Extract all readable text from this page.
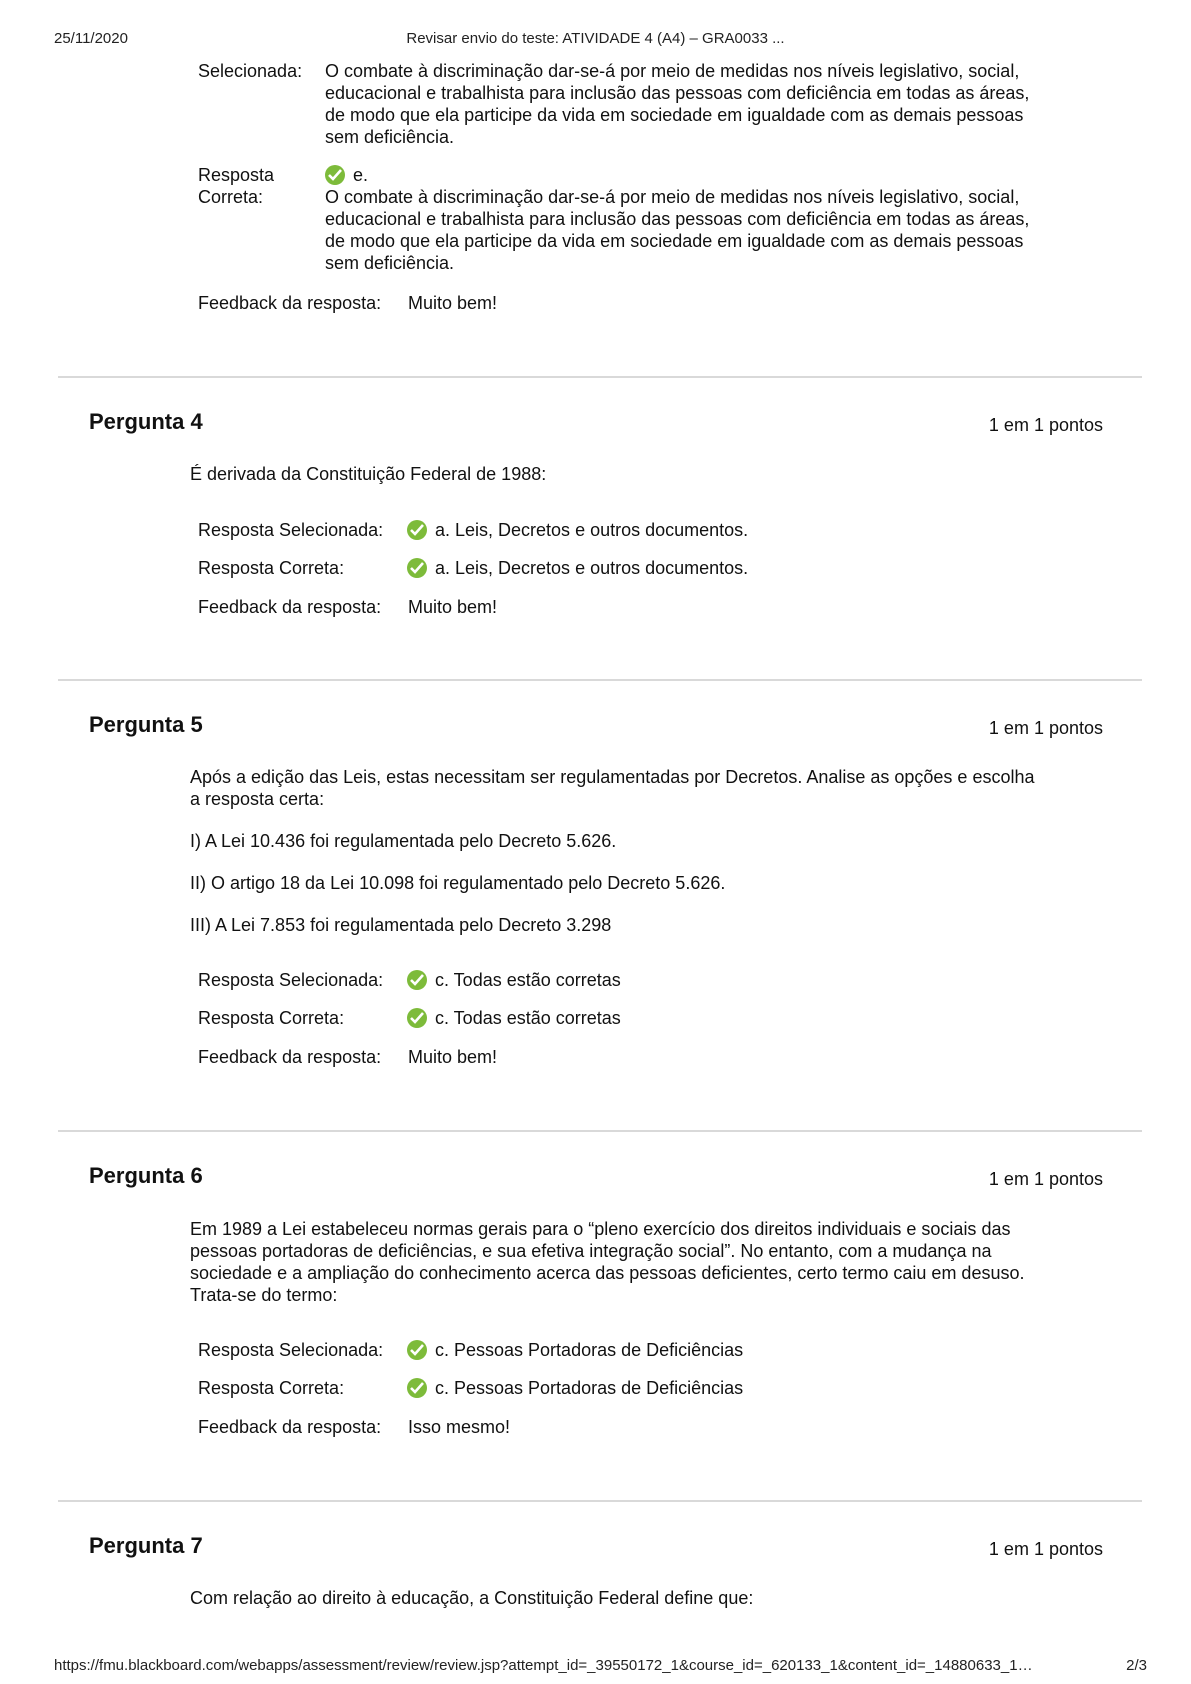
25/11/2020	Revisar envio do teste: ATIVIDADE 4 (A4) – GRA0033 ...
Selecionada: O combate à discriminação dar-se-á por meio de medidas nos níveis legislativo, social,
educacional e trabalhista para inclusão das pessoas com deficiência em todas as áreas,
de modo que ela participe da vida em sociedade em igualdade com as demais pessoas
sem deficiência.
Resposta
Correta:
e.
O combate à discriminação dar-se-á por meio de medidas nos níveis legislativo, social,
educacional e trabalhista para inclusão das pessoas com deficiência em todas as áreas,
de modo que ela participe da vida em sociedade em igualdade com as demais pessoas
sem deficiência.
Feedback da resposta: Muito bem!
Pergunta 4	1 em 1 pontos
É derivada da Constituição Federal de 1988:
Resposta Selecionada:	a. Leis, Decretos e outros documentos.
Resposta Correta:	a. Leis, Decretos e outros documentos.
Feedback da resposta: Muito bem!
Pergunta 5	1 em 1 pontos
Após a edição das Leis, estas necessitam ser regulamentadas por Decretos. Analise as opções e escolha
a resposta certa:
I) A Lei 10.436 foi regulamentada pelo Decreto 5.626.
II) O artigo 18 da Lei 10.098 foi regulamentado pelo Decreto 5.626.
III) A Lei 7.853 foi regulamentada pelo Decreto 3.298
Resposta Selecionada:	c. Todas estão corretas
Resposta Correta:	c. Todas estão corretas
Feedback da resposta: Muito bem!
Pergunta 6	1 em 1 pontos
Em 1989 a Lei estabeleceu normas gerais para o “pleno exercício dos direitos individuais e sociais das
pessoas portadoras de deficiências, e sua efetiva integração social”. No entanto, com a mudança na
sociedade e a ampliação do conhecimento acerca das pessoas deficientes, certo termo caiu em desuso.
Trata-se do termo:
Resposta Selecionada:	c. Pessoas Portadoras de Deficiências
Resposta Correta:	c. Pessoas Portadoras de Deficiências
Feedback da resposta: Isso mesmo!
Pergunta 7	1 em 1 pontos
Com relação ao direito à educação, a Constituição Federal define que:
https://fmu.blackboard.com/webapps/assessment/review/review.jsp?attempt_id=_39550172_1&course_id=_620133_1&content_id=_14880633_1…	2/3
